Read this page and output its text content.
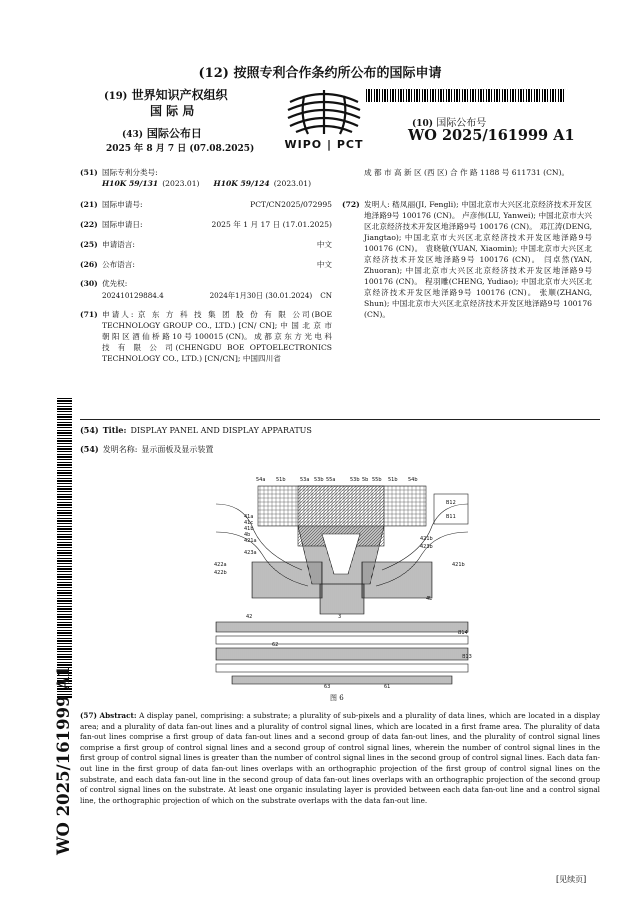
(12) 按照专利合作条约所公布的国际申请
(19) 世界知识产权组织
国 际 局
(43) 国际公布日
2025 年 8 月 7 日 (07.08.2025)	WIPO | PCT
(10) 国际公布号
WO 2025/161999 A1
(51) 国际专利分类号:
H10K 59/131 (2023.01) H10K 59/124 (2023.01)
(21) 国际申请号:	PCT/CN2025/072995
(22) 国际申请日:	2025 年 1 月 17 日 (17.01.2025)
(25) 申请语言:	中文
(26) 公布语言:	中文
(30) 优先权:
202410129884.4	2024年1月30日 (30.01.2024) CN
(71) 申请人: 京 东 方 科 技 集 团 股 份 有 限 公司(BOE TECHNOLOGY GROUP CO., LTD.) [CN/ CN]; 中 国 北 京 市 朝 阳 区 酒 仙 桥 路 10 号 100015 (CN)。 成 都 京 东 方 光 电 科 技 有 限 公 司(CHENGDU BOE OPTOELECTRONICS TECHNOLOGY CO., LTD.) [CN/CN]; 中国四川省
成 都 市 高 新 区 (西 区) 合 作 路 1188 号 611731 (CN)。
(72) 发明人: 嵇凤丽(JI, Fengli); 中国北京市大兴区北京经济技术开发区地泽路9号 100176 (CN)。 卢彦伟(LU, Yanwei); 中国北京市大兴区北京经济技术开发区地泽路9号 100176 (CN)。 邓江涛(DENG, Jiangtao); 中国北京市大兴区北京经济技术开发区地泽路9号 100176 (CN)。 袁晓敏(YUAN, Xiaomin); 中国北京市大兴区北京经济技术开发区地泽路9号 100176 (CN)。 闫卓然(YAN, Zhuoran); 中国北京市大兴区北京经济技术开发区地泽路9号 100176 (CN)。 程羽雕(CHENG, Yudiao); 中国北京市大兴区北京经济技术开发区地泽路9号 100176 (CN)。 张顺(ZHANG, Shun); 中国北京市大兴区北京经济技术开发区地泽路9号 100176 (CN)。
(54) Title: DISPLAY PANEL AND DISPLAY APPARATUS
(54) 发明名称: 显示面板及显示装置
54a 51b	53a 53b 55a	53b 5b 55b 51b 54b
41a
41c
41b
4b
421a
422a
423a
422b
B12
B11
421b
423b
421b
4L
3
42
62
B14
B13
63	61
图 6
(57) Abstract: A display panel, comprising: a substrate; a plurality of sub-pixels and a plurality of data lines, which are located in a display area; and a plurality of data fan-out lines and a plurality of control signal lines, which are located in a first frame area. The plurality of data fan-out lines comprise a first group of data fan-out lines and a second group of data fan-out lines, and the plurality of control signal lines comprise a first group of control signal lines and a second group of control signal lines, wherein the number of control signal lines in the first group of control signal lines is greater than the number of control signal lines in the second group of control signal lines. Each data fan-out line in the first group of data fan-out lines overlaps with an orthographic projection of the first group of control signal lines on the substrate, and each data fan-out line in the second group of data fan-out lines overlaps with an orthographic projection of the second group of control signal lines on the substrate. At least one organic insulating layer is provided between each data fan-out line and a control signal line, the orthographic projection of which on the substrate overlaps with the data fan-out line.
WO 2025/161999 A1
[见续页]
